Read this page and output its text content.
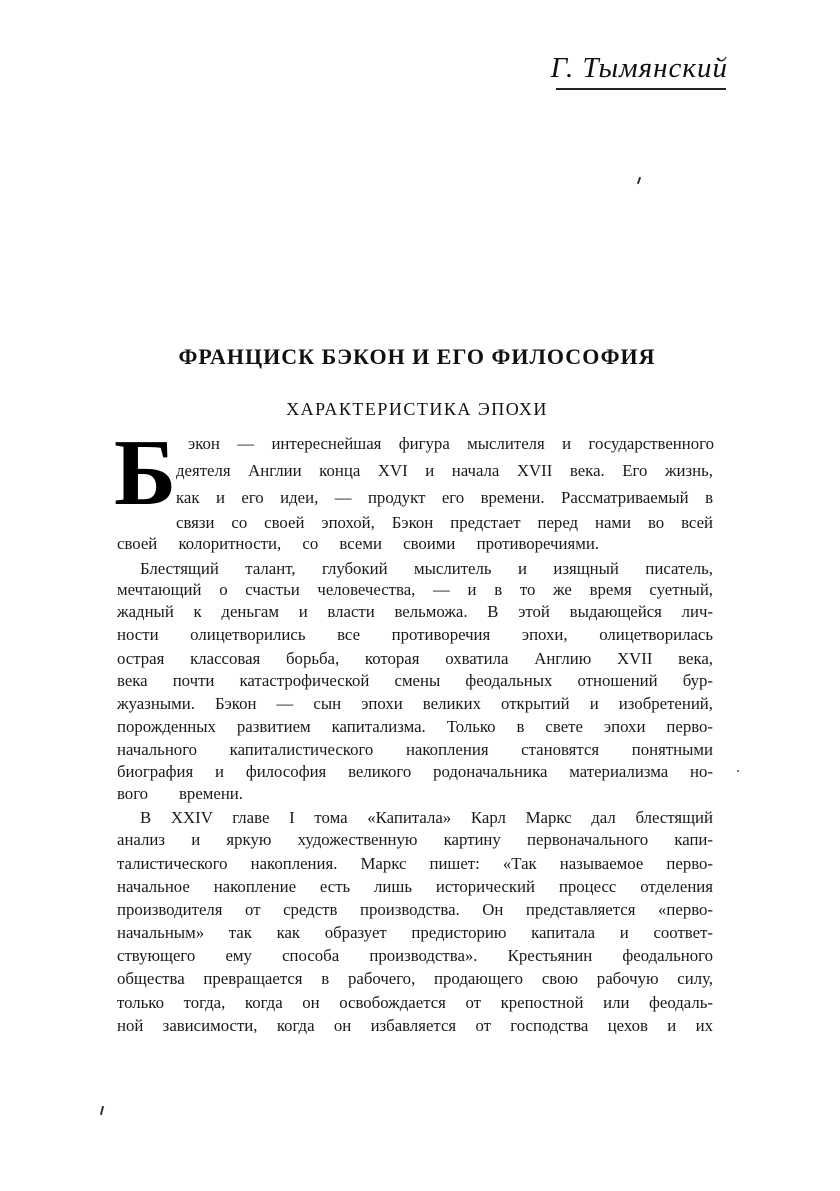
Г. Тымянский
ФРАНЦИСК БЭКОН И ЕГО ФИЛОСОФИЯ
ХАРАКТЕРИСТИКА ЭПОХИ
Б экон — интереснейшая фигура мыслителя и государственного
деятеля Англии конца XVI и начала XVII века. Его жизнь,
как и его идеи, — продукт его времени. Рассматриваемый в
связи со своей эпохой, Бэкон предстает перед нами во всей
своей колоритности, со всеми своими противоречиями.
Блестящий талант, глубокий мыслитель и изящный писатель,
мечтающий о счастьи человечества, — и в то же время суетный,
жадный к деньгам и власти вельможа. В этой выдающейся лич-
ности олицетворились все противоречия эпохи, олицетворилась
острая классовая борьба, которая охватила Англию XVII века,
века почти катастрофической смены феодальных отношений бур-
жуазными. Бэкон — сын эпохи великих открытий и изобретений,
порожденных развитием капитализма. Только в свете эпохи перво-
начального капиталистического накопления становятся понятными
биография и философия великого родоначальника материализма но-
вого времени.
В XXIV главе I тома «Капитала» Карл Маркс дал блестящий
анализ и яркую художественную картину первоначального капи-
талистического накопления. Маркс пишет: «Так называемое перво-
начальное накопление есть лишь исторический процесс отделения
производителя от средств производства. Он представляется «перво-
начальным» так как образует предисторию капитала и соответ-
ствующего ему способа производства». Крестьянин феодального
общества превращается в рабочего, продающего свою рабочую силу,
только тогда, когда он освобождается от крепостной или феодаль-
ной зависимости, когда он избавляется от господства цехов и их
